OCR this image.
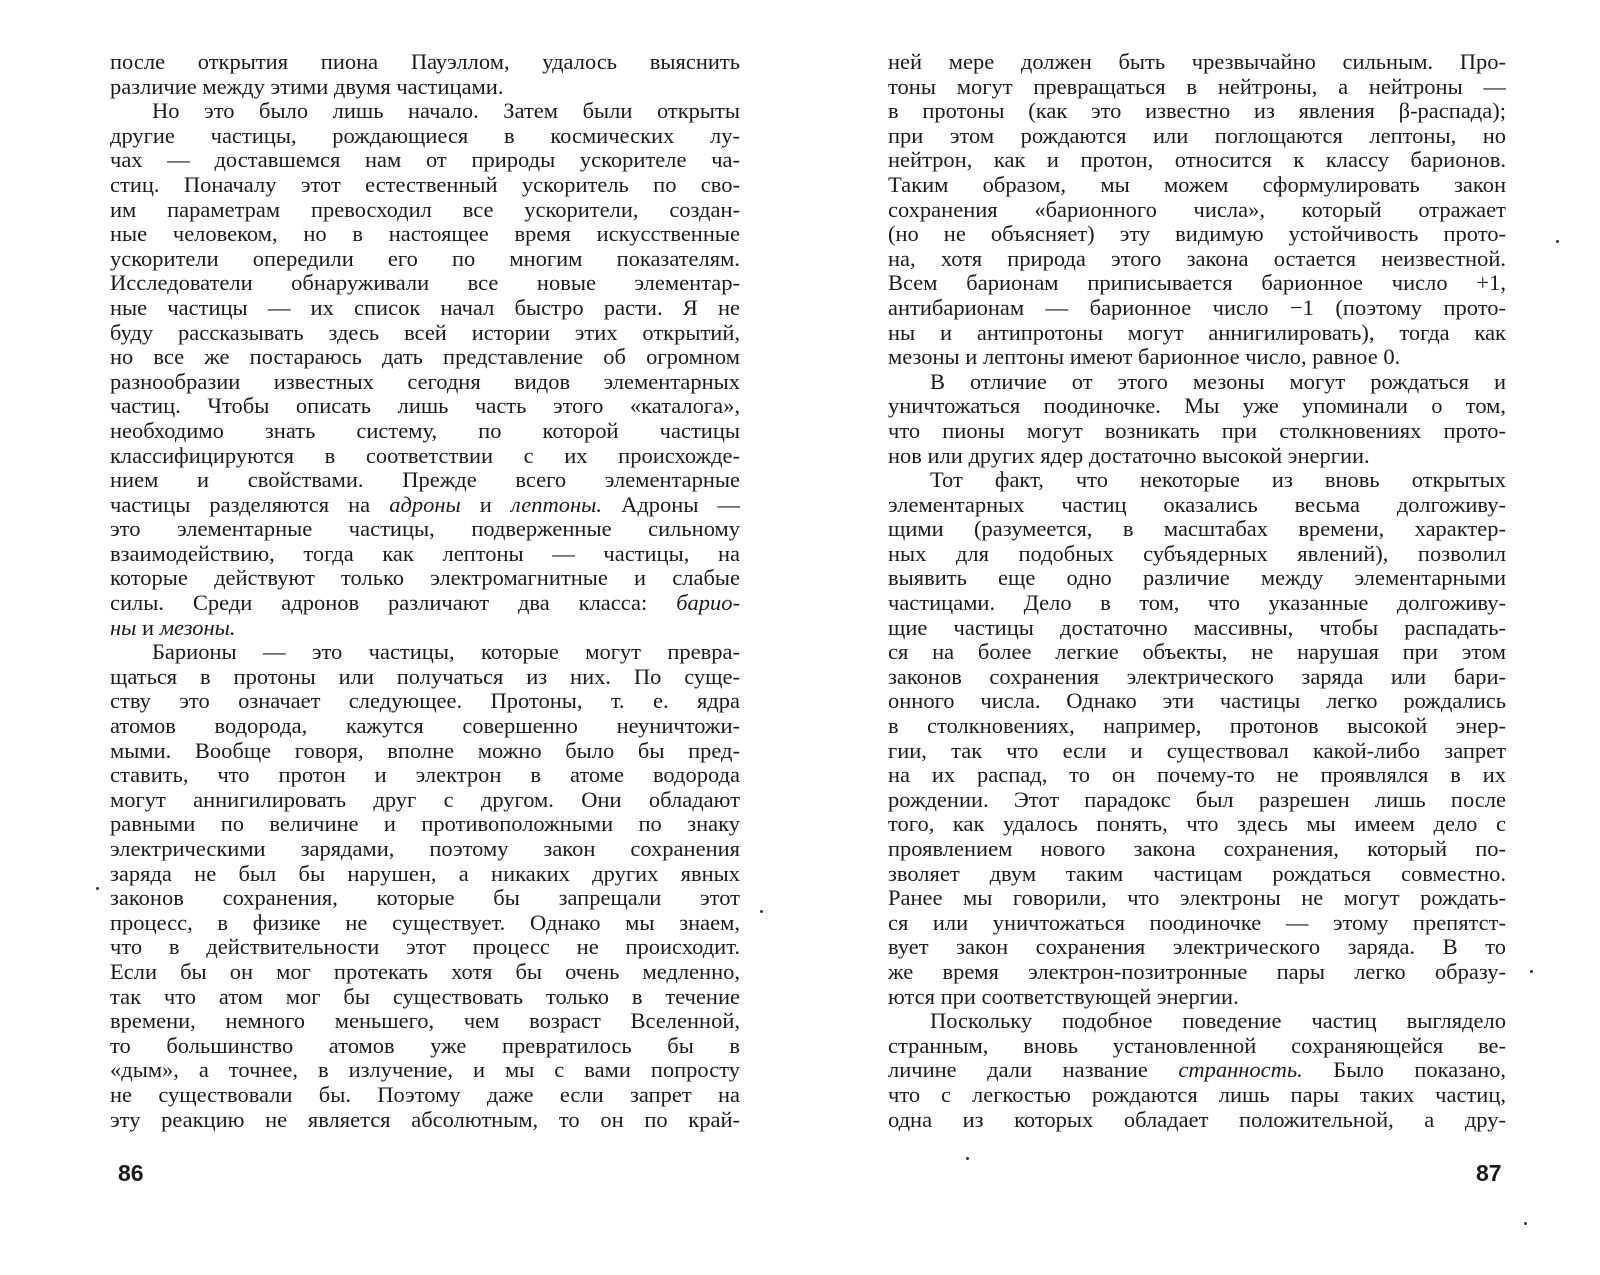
после открытия пиона Пауэллом, удалось выяснить
различие между этими двумя частицами.
Но это было лишь начало. Затем были открыты
другие частицы, рождающиеся в космических лу-
чах — доставшемся нам от природы ускорителе ча-
стиц. Поначалу этот естественный ускоритель по сво-
им параметрам превосходил все ускорители, создан-
ные человеком, но в настоящее время искусственные
ускорители опередили его по многим показателям.
Исследователи обнаруживали все новые элементар-
ные частицы — их список начал быстро расти. Я не
буду рассказывать здесь всей истории этих открытий,
но все же постараюсь дать представление об огромном
разнообразии известных сегодня видов элементарных
частиц. Чтобы описать лишь часть этого «каталога»,
необходимо знать систему, по которой частицы
классифицируются в соответствии с их происхожде-
нием и свойствами. Прежде всего элементарные
частицы разделяются на адроны и лептоны. Адроны —
это элементарные частицы, подверженные сильному
взаимодействию, тогда как лептоны — частицы, на
которые действуют только электромагнитные и слабые
силы. Среди адронов различают два класса: барио-
ны и мезоны.
Барионы — это частицы, которые могут превра-
щаться в протоны или получаться из них. По суще-
ству это означает следующее. Протоны, т. е. ядра
атомов водорода, кажутся совершенно неуничтожи-
мыми. Вообще говоря, вполне можно было бы пред-
ставить, что протон и электрон в атоме водорода
могут аннигилировать друг с другом. Они обладают
равными по величине и противоположными по знаку
электрическими зарядами, поэтому закон сохранения
заряда не был бы нарушен, а никаких других явных
законов сохранения, которые бы запрещали этот
процесс, в физике не существует. Однако мы знаем,
что в действительности этот процесс не происходит.
Если бы он мог протекать хотя бы очень медленно,
так что атом мог бы существовать только в течение
времени, немного меньшего, чем возраст Вселенной,
то большинство атомов уже превратилось бы в
«дым», а точнее, в излучение, и мы с вами попросту
не существовали бы. Поэтому даже если запрет на
эту реакцию не является абсолютным, то он по край-
86
ней мере должен быть чрезвычайно сильным. Про-
тоны могут превращаться в нейтроны, а нейтроны —
в протоны (как это известно из явления β-распада);
при этом рождаются или поглощаются лептоны, но
нейтрон, как и протон, относится к классу барионов.
Таким образом, мы можем сформулировать закон
сохранения «барионного числа», который отражает
(но не объясняет) эту видимую устойчивость прото-
на, хотя природа этого закона остается неизвестной.
Всем барионам приписывается барионное число +1,
антибарионам — барионное число −1 (поэтому прото-
ны и антипротоны могут аннигилировать), тогда как
мезоны и лептоны имеют барионное число, равное 0.
В отличие от этого мезоны могут рождаться и
уничтожаться поодиночке. Мы уже упоминали о том,
что пионы могут возникать при столкновениях прото-
нов или других ядер достаточно высокой энергии.
Тот факт, что некоторые из вновь открытых
элементарных частиц оказались весьма долгоживу-
щими (разумеется, в масштабах времени, характер-
ных для подобных субъядерных явлений), позволил
выявить еще одно различие между элементарными
частицами. Дело в том, что указанные долгоживу-
щие частицы достаточно массивны, чтобы распадать-
ся на более легкие объекты, не нарушая при этом
законов сохранения электрического заряда или бари-
онного числа. Однако эти частицы легко рождались
в столкновениях, например, протонов высокой энер-
гии, так что если и существовал какой-либо запрет
на их распад, то он почему-то не проявлялся в их
рождении. Этот парадокс был разрешен лишь после
того, как удалось понять, что здесь мы имеем дело с
проявлением нового закона сохранения, который по-
зволяет двум таким частицам рождаться совместно.
Ранее мы говорили, что электроны не могут рождать-
ся или уничтожаться поодиночке — этому препятст-
вует закон сохранения электрического заряда. В то
же время электрон-позитронные пары легко образу-
ются при соответствующей энергии.
Поскольку подобное поведение частиц выглядело
странным, вновь установленной сохраняющейся ве-
личине дали название странность. Было показано,
что с легкостью рождаются лишь пары таких частиц,
одна из которых обладает положительной, а дру-
87
